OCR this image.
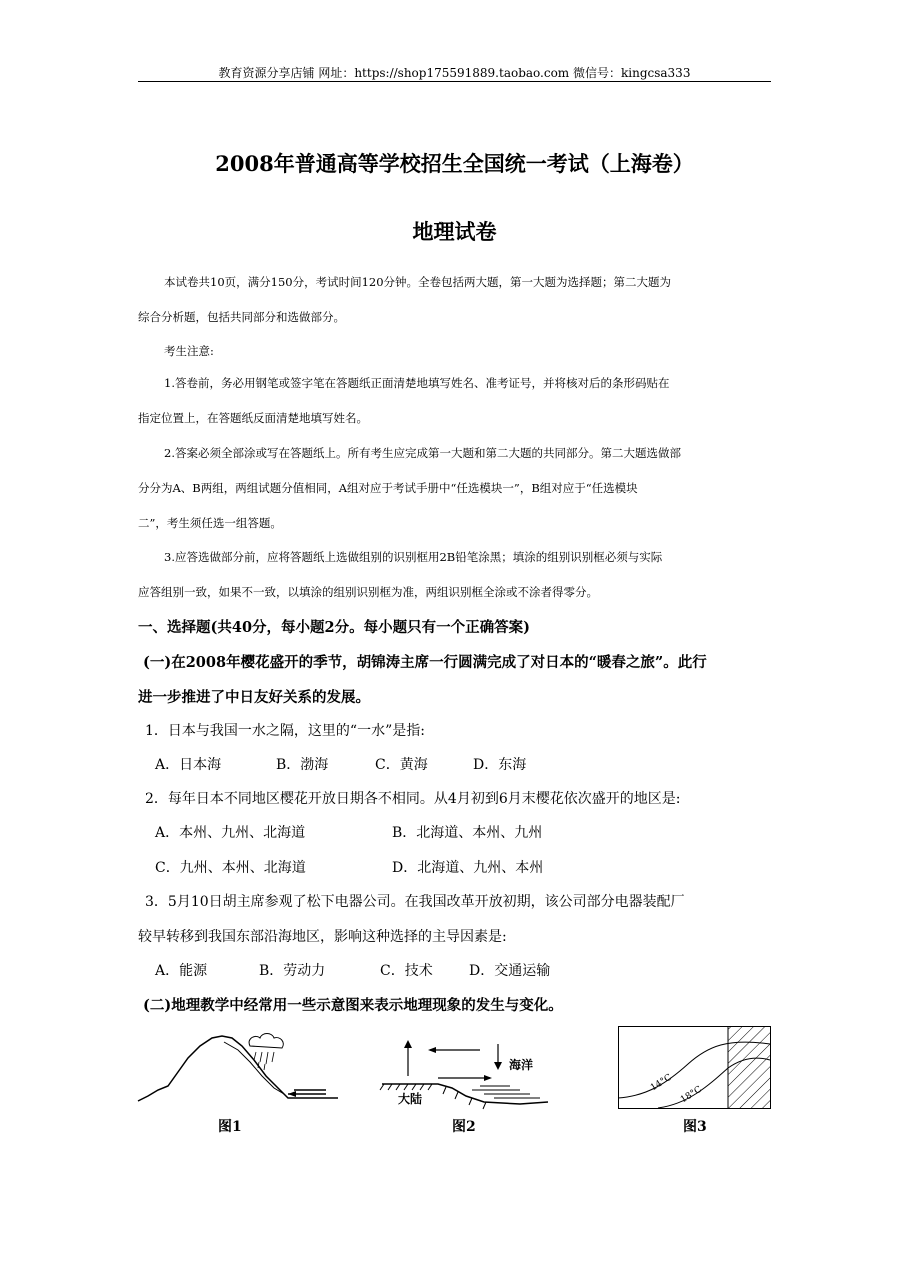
教育资源分享店铺 网址：https://shop175591889.taobao.com 微信号：kingcsa333
2008年普通高等学校招生全国统一考试（上海卷）
地理试卷
本试卷共10页，满分150分，考试时间120分钟。全卷包括两大题，第一大题为选择题；第二大题为
综合分析题，包括共同部分和选做部分。
考生注意:
1.答卷前，务必用钢笔或签字笔在答题纸正面清楚地填写姓名、准考证号，并将核对后的条形码贴在
指定位置上，在答题纸反面清楚地填写姓名。
2.答案必须全部涂或写在答题纸上。所有考生应完成第一大题和第二大题的共同部分。第二大题选做部
分分为A、B两组，两组试题分值相同，A组对应于考试手册中“任选模块一”，B组对应于“任选模块
二”，考生须任选一组答题。
3.应答选做部分前，应将答题纸上选做组别的识别框用2B铅笔涂黑；填涂的组别识别框必须与实际
应答组别一致，如果不一致，以填涂的组别识别框为准，两组识别框全涂或不涂者得零分。
一、选择题(共40分，每小题2分。每小题只有一个正确答案)
(一)在2008年樱花盛开的季节，胡锦涛主席一行圆满完成了对日本的“暖春之旅”。此行
进一步推进了中日友好关系的发展。
1．日本与我国一水之隔，这里的“一水”是指:
A．日本海	B．渤海	C．黄海	D．东海
2．每年日本不同地区樱花开放日期各不相同。从4月初到6月末樱花依次盛开的地区是:
A．本州、九州、北海道	B．北海道、本州、九州
C．九州、本州、北海道	D．北海道、九州、本州
3．5月10日胡主席参观了松下电器公司。在我国改革开放初期，该公司部分电器装配厂
较早转移到我国东部沿海地区，影响这种选择的主导因素是:
A．能源	B．劳动力	C．技术	D．交通运输
(二)地理教学中经常用一些示意图来表示地理现象的发生与变化。
图1
海洋
大陆
图2
14°C
18°C
图3
